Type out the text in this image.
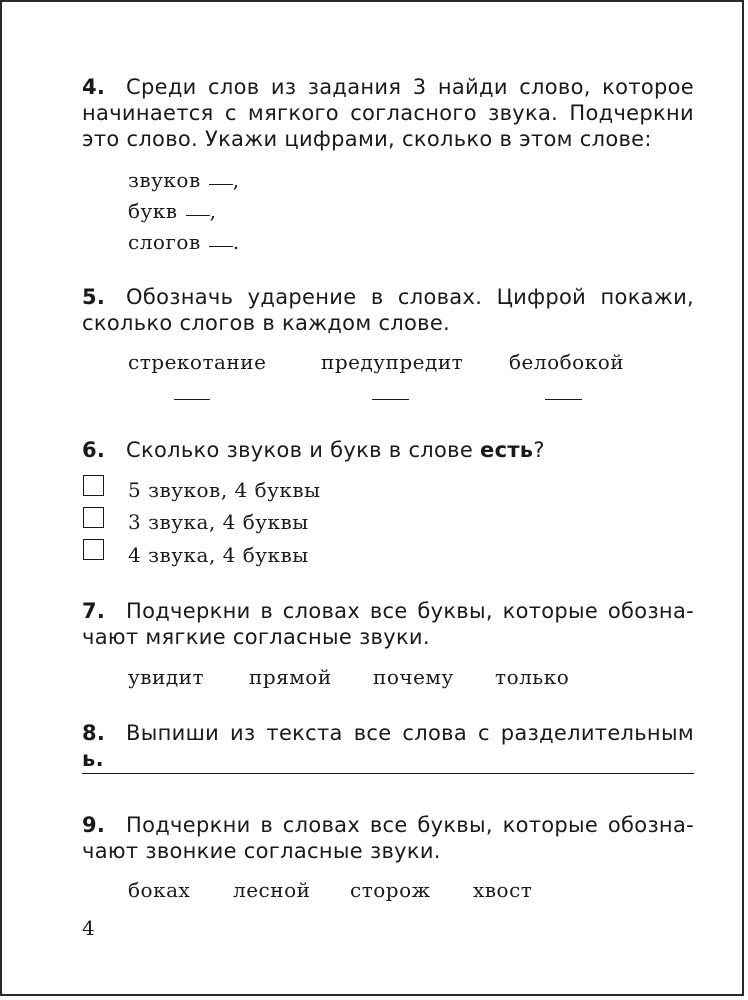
4. Среди слов из задания 3 найди слово, которое начинается с мягкого согласного звука. Подчеркни это слово. Укажи цифрами, сколько в этом слове:

звуков ,
букв ,
слогов .

5. Обозначь ударение в словах. Цифрой покажи, сколько слогов в каждом слове.

стрекотание	предупредит белобокой

6. Сколько звуков и букв в слове есть?

5 звуков, 4 буквы
3 звука, 4 буквы
4 звука, 4 буквы

7. Подчеркни в словах все буквы, которые обозна-чают мягкие согласные звуки.

увидит прямой почему только

8. Выпиши из текста все слова с разделительным ь.

9. Подчеркни в словах все буквы, которые обозна-чают звонкие согласные звуки.

боках лесной сторож хвост
4
